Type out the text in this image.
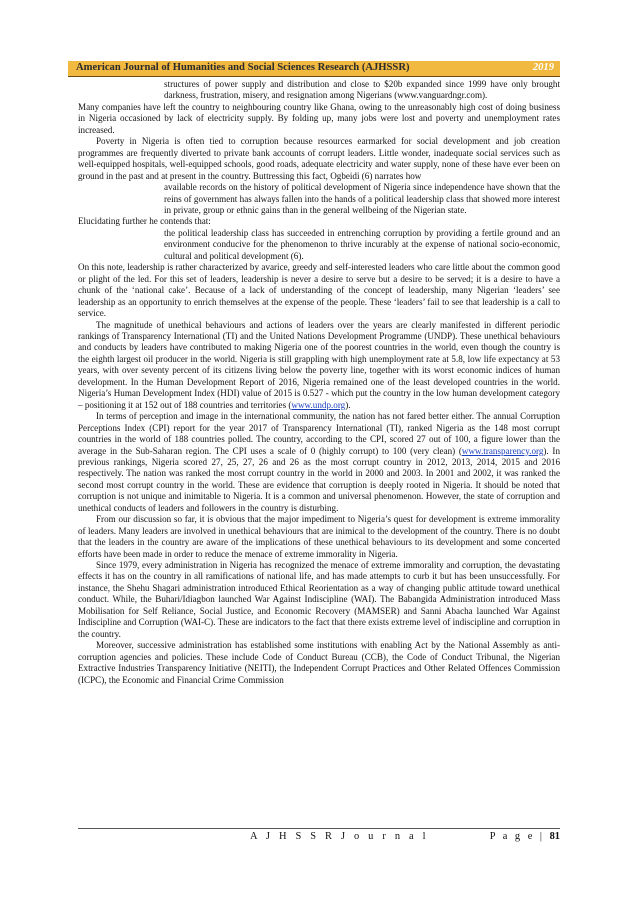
American Journal of Humanities and Social Sciences Research (AJHSSR)	2019

structures of power supply and distribution and close to $20b expanded since 1999 have only brought darkness, frustration, misery, and resignation among Nigerians (www.vanguardngr.com).

Many companies have left the country to neighbouring country like Ghana, owing to the unreasonably high cost of doing business in Nigeria occasioned by lack of electricity supply. By folding up, many jobs were lost and poverty and unemployment rates increased.

Poverty in Nigeria is often tied to corruption because resources earmarked for social development and job creation programmes are frequently diverted to private bank accounts of corrupt leaders. Little wonder, inadequate social services such as well-equipped hospitals, well-equipped schools, good roads, adequate electricity and water supply, none of these have ever been on ground in the past and at present in the country. Buttressing this fact, Ogbeidi (6) narrates how

available records on the history of political development of Nigeria since independence have shown that the reins of government has always fallen into the hands of a political leadership class that showed more interest in private, group or ethnic gains than in the general wellbeing of the Nigerian state.

Elucidating further he contends that:

the political leadership class has succeeded in entrenching corruption by providing a fertile ground and an environment conducive for the phenomenon to thrive incurably at the expense of national socio-economic, cultural and political development (6).

On this note, leadership is rather characterized by avarice, greedy and self-interested leaders who care little about the common good or plight of the led. For this set of leaders, leadership is never a desire to serve but a desire to be served; it is a desire to have a chunk of the ‘national cake’. Because of a lack of understanding of the concept of leadership, many Nigerian ‘leaders’ see leadership as an opportunity to enrich themselves at the expense of the people. These ‘leaders’ fail to see that leadership is a call to service.

The magnitude of unethical behaviours and actions of leaders over the years are clearly manifested in different periodic rankings of Transparency International (TI) and the United Nations Development Programme (UNDP). These unethical behaviours and conducts by leaders have contributed to making Nigeria one of the poorest countries in the world, even though the country is the eighth largest oil producer in the world. Nigeria is still grappling with high unemployment rate at 5.8, low life expectancy at 53 years, with over seventy percent of its citizens living below the poverty line, together with its worst economic indices of human development. In the Human Development Report of 2016, Nigeria remained one of the least developed countries in the world. Nigeria’s Human Development Index (HDI) value of 2015 is 0.527 - which put the country in the low human development category – positioning it at 152 out of 188 countries and territories (www.undp.org).

In terms of perception and image in the international community, the nation has not fared better either. The annual Corruption Perceptions Index (CPI) report for the year 2017 of Transparency International (TI), ranked Nigeria as the 148 most corrupt countries in the world of 188 countries polled. The country, according to the CPI, scored 27 out of 100, a figure lower than the average in the Sub-Saharan region. The CPI uses a scale of 0 (highly corrupt) to 100 (very clean) (www.transparency.org). In previous rankings, Nigeria scored 27, 25, 27, 26 and 26 as the most corrupt country in 2012, 2013, 2014, 2015 and 2016 respectively. The nation was ranked the most corrupt country in the world in 2000 and 2003. In 2001 and 2002, it was ranked the second most corrupt country in the world. These are evidence that corruption is deeply rooted in Nigeria. It should be noted that corruption is not unique and inimitable to Nigeria. It is a common and universal phenomenon. However, the state of corruption and unethical conducts of leaders and followers in the country is disturbing.

From our discussion so far, it is obvious that the major impediment to Nigeria’s quest for development is extreme immorality of leaders. Many leaders are involved in unethical behaviours that are inimical to the development of the country. There is no doubt that the leaders in the country are aware of the implications of these unethical behaviours to its development and some concerted efforts have been made in order to reduce the menace of extreme immorality in Nigeria.

Since 1979, every administration in Nigeria has recognized the menace of extreme immorality and corruption, the devastating effects it has on the country in all ramifications of national life, and has made attempts to curb it but has been unsuccessfully. For instance, the Shehu Shagari administration introduced Ethical Reorientation as a way of changing public attitude toward unethical conduct. While, the Buhari/Idiagbon launched War Against Indiscipline (WAI). The Babangida Administration introduced Mass Mobilisation for Self Reliance, Social Justice, and Economic Recovery (MAMSER) and Sanni Abacha launched War Against Indiscipline and Corruption (WAI-C). These are indicators to the fact that there exists extreme level of indiscipline and corruption in the country.

Moreover, successive administration has established some institutions with enabling Act by the National Assembly as anti-corruption agencies and policies. These include Code of Conduct Bureau (CCB), the Code of Conduct Tribunal, the Nigerian Extractive Industries Transparency Initiative (NEITI), the Independent Corrupt Practices and Other Related Offences Commission (ICPC), the Economic and Financial Crime Commission

A J H S S R J o u r n a l	P a g e | 81
